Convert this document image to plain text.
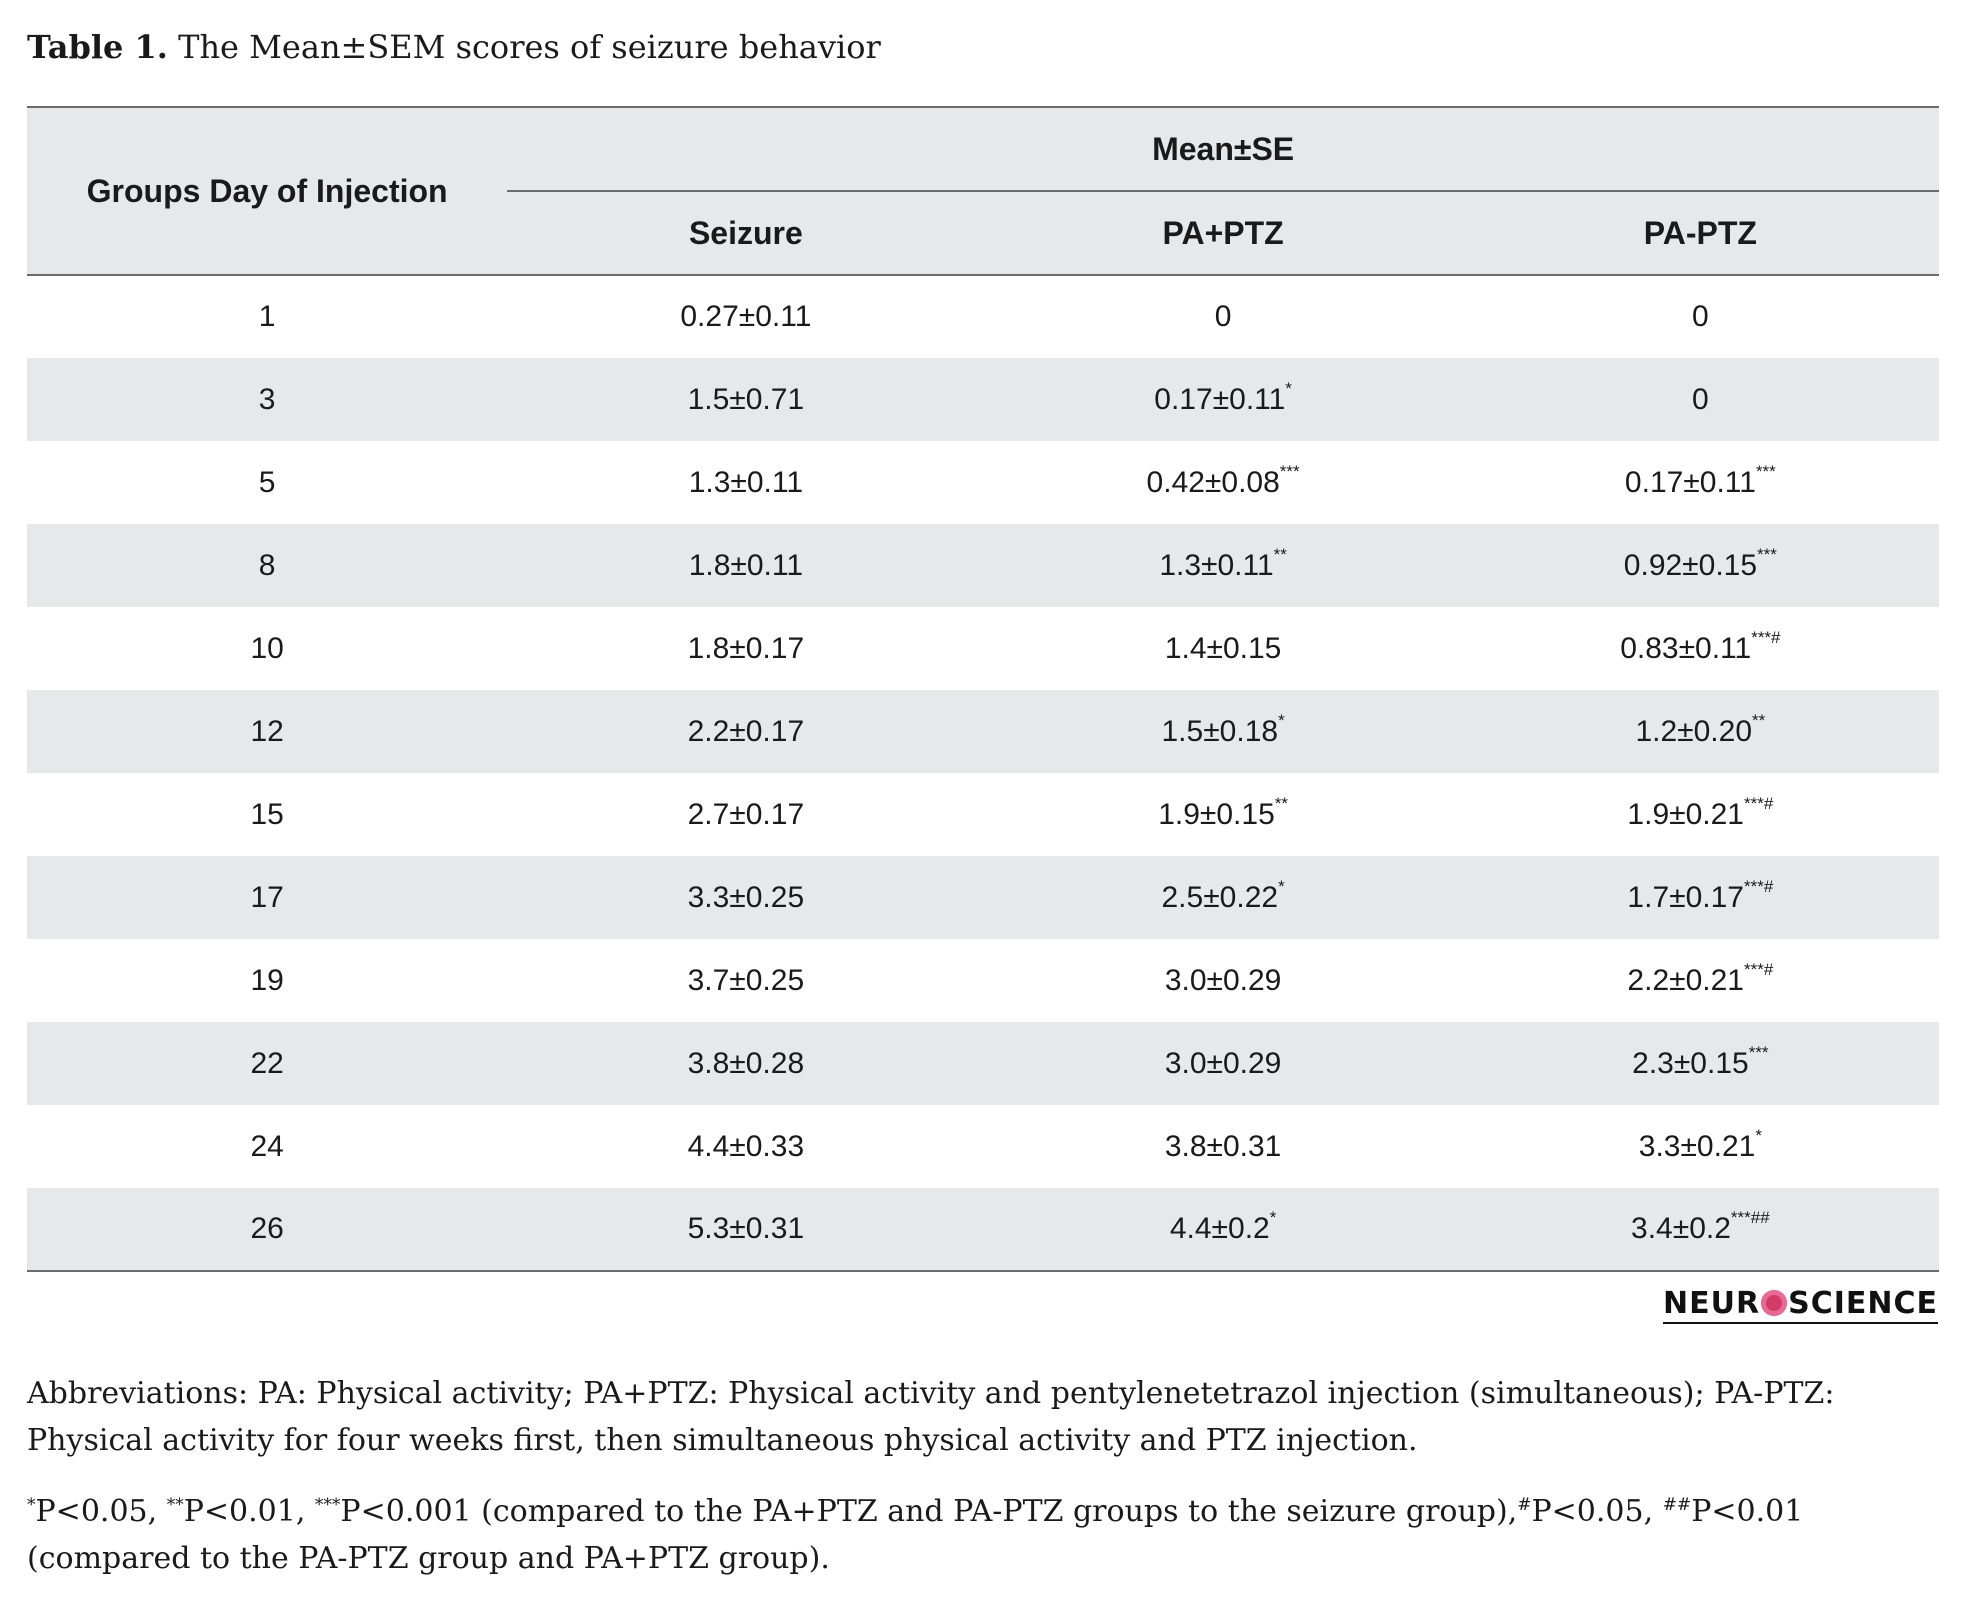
Table 1. The Mean±SEM scores of seizure behavior
Groups Day of Injection	Mean±SE		
	Seizure	PA+PTZ	PA-PTZ
1	0.27±0.11	0	0
3	1.5±0.71	0.17±0.11*	0
5	1.3±0.11	0.42±0.08***	0.17±0.11***
8	1.8±0.11	1.3±0.11**	0.92±0.15***
10	1.8±0.17	1.4±0.15	0.83±0.11***#
12	2.2±0.17	1.5±0.18*	1.2±0.20**
15	2.7±0.17	1.9±0.15**	1.9±0.21***#
17	3.3±0.25	2.5±0.22*	1.7±0.17***#
19	3.7±0.25	3.0±0.29	2.2±0.21***#
22	3.8±0.28	3.0±0.29	2.3±0.15***
24	4.4±0.33	3.8±0.31	3.3±0.21*
26	5.3±0.31	4.4±0.2*	3.4±0.2***##
NEUR SCIENCE
Abbreviations: PA: Physical activity; PA+PTZ: Physical activity and pentylenetetrazol injection (simultaneous); PA-PTZ: Physical activity for four weeks first, then simultaneous physical activity and PTZ injection.
*P<0.05, **P<0.01, ***P<0.001 (compared to the PA+PTZ and PA-PTZ groups to the seizure group),#P<0.05, ##P<0.01 (compared to the PA-PTZ group and PA+PTZ group).
